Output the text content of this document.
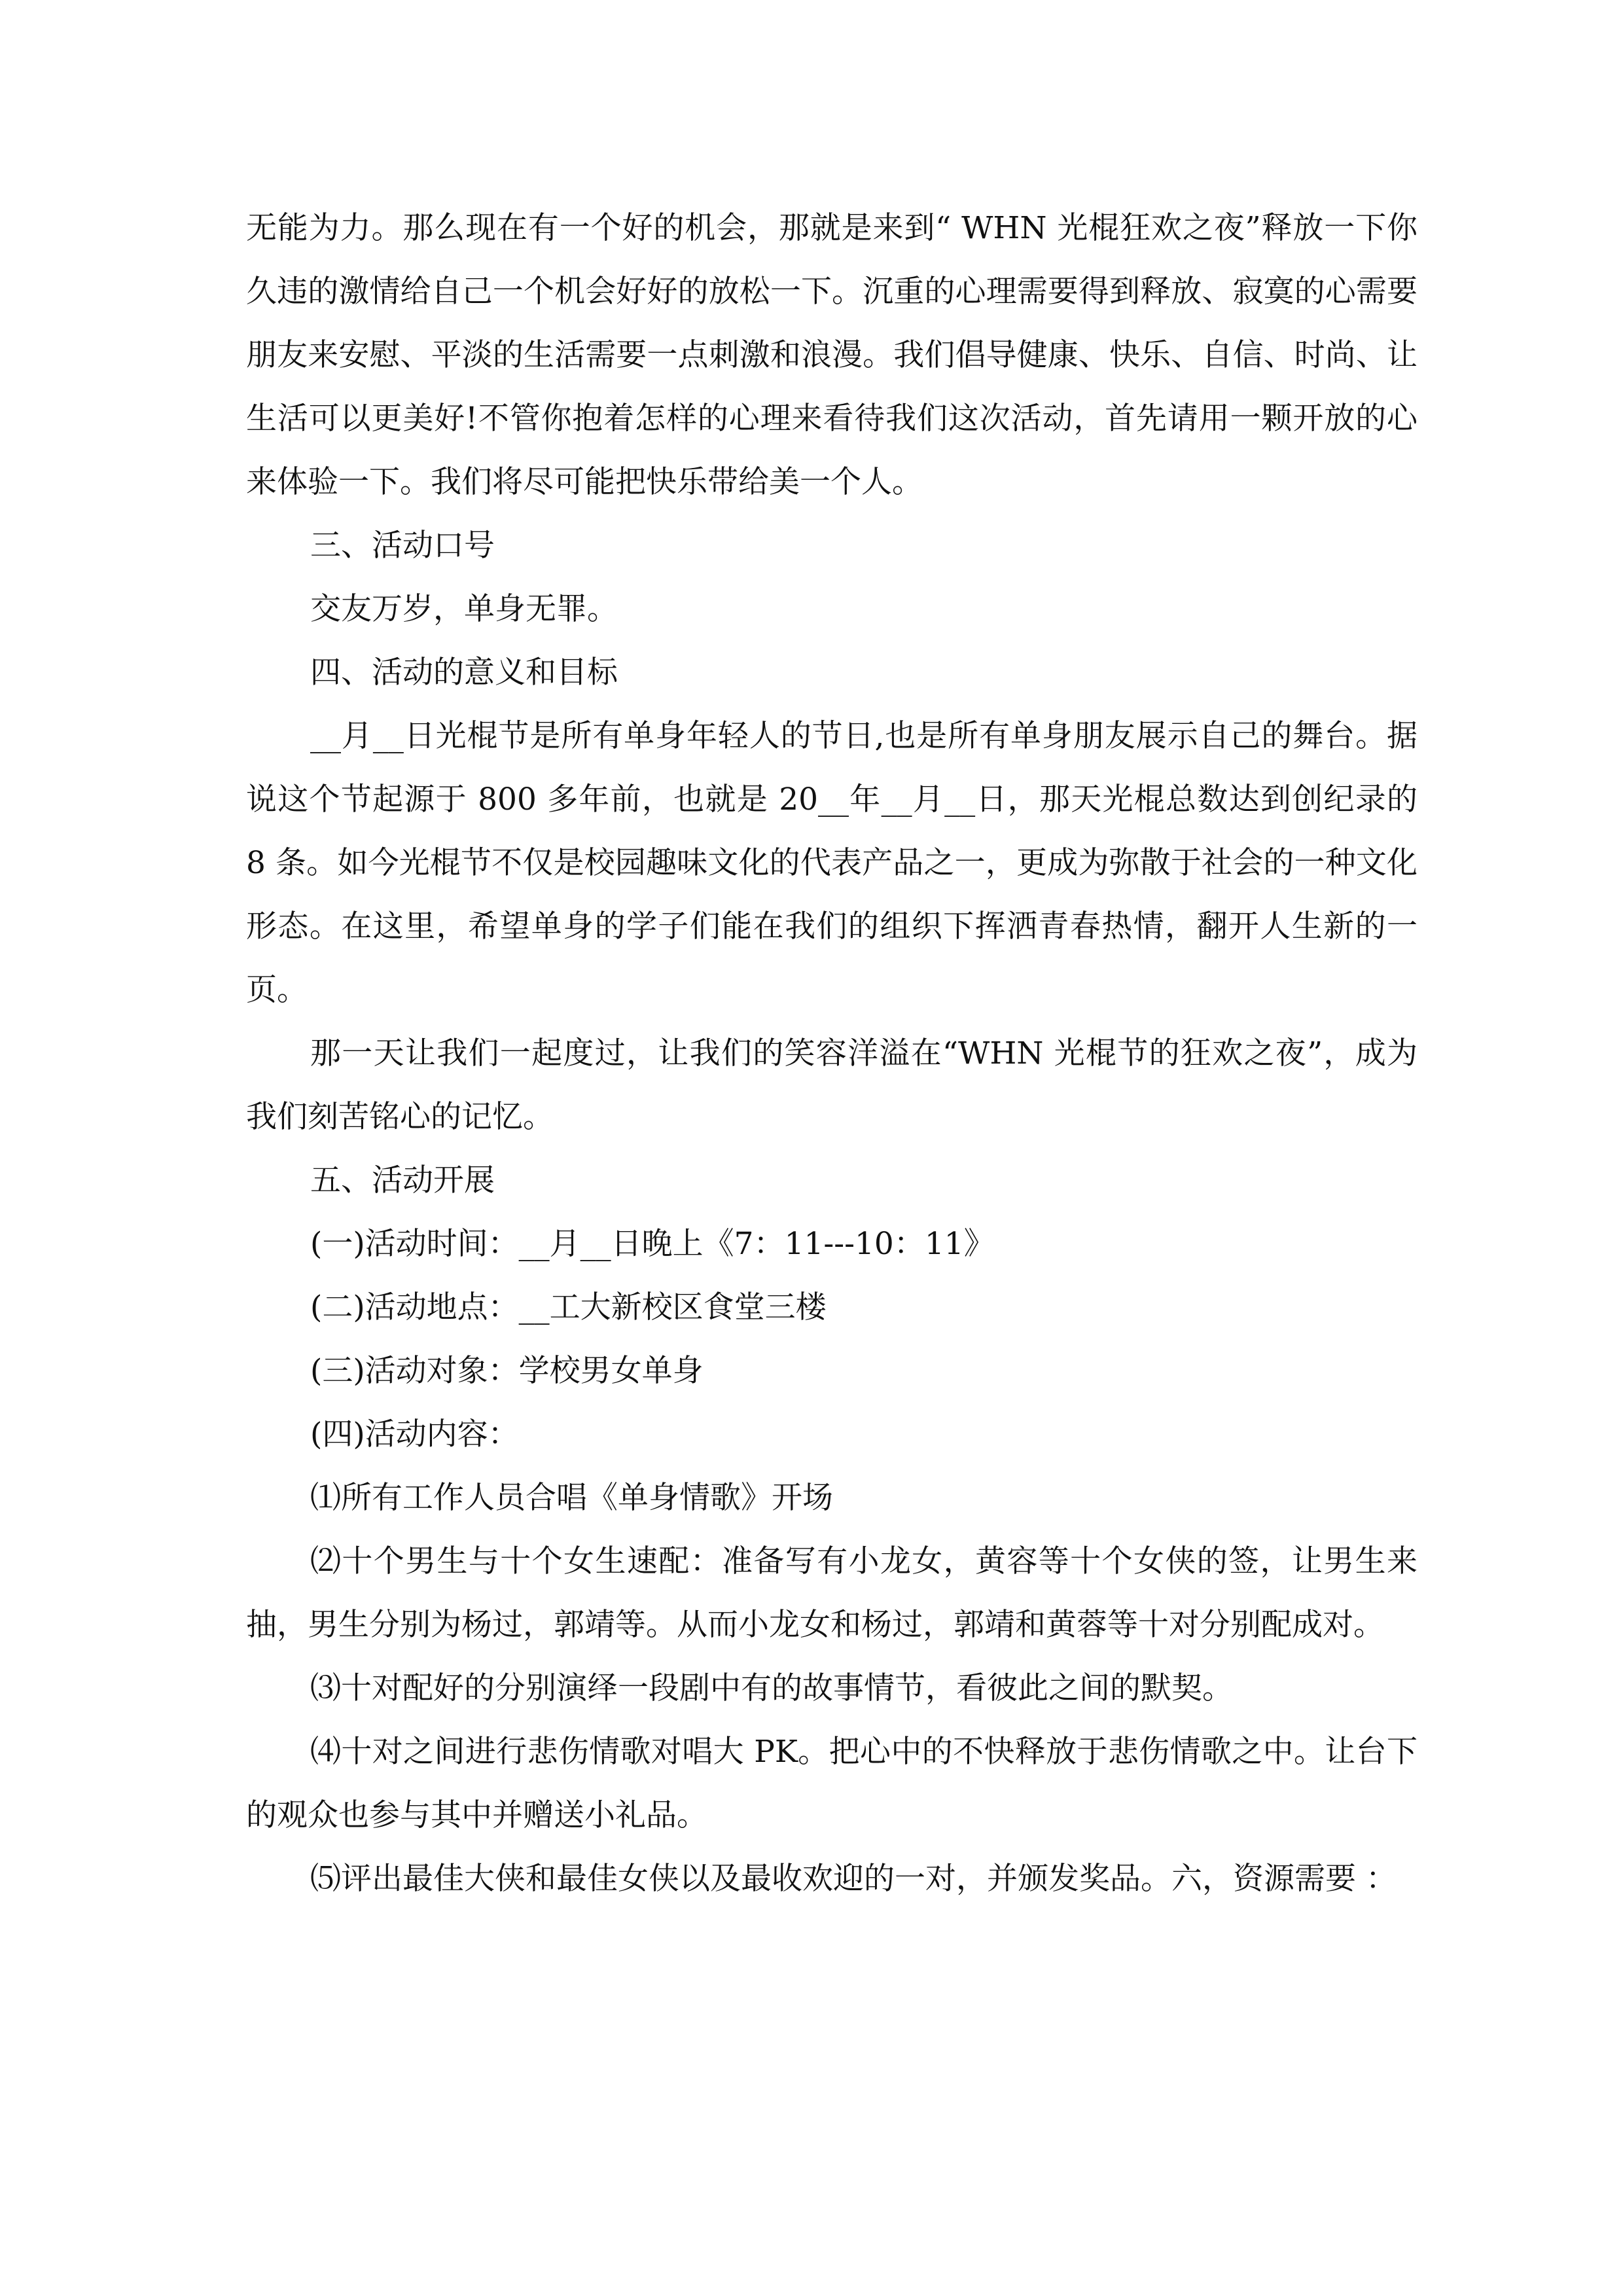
无能为力。那么现在有一个好的机会，那就是来到“ WHN 光棍狂欢之夜”释放一下你久违的激情给自己一个机会好好的放松一下。沉重的心理需要得到释放、寂寞的心需要朋友来安慰、平淡的生活需要一点刺激和浪漫。我们倡导健康、快乐、自信、时尚、让生活可以更美好!不管你抱着怎样的心理来看待我们这次活动，首先请用一颗开放的心来体验一下。我们将尽可能把快乐带给美一个人。

三、活动口号

交友万岁，单身无罪。

四、活动的意义和目标

__月__日光棍节是所有单身年轻人的节日,也是所有单身朋友展示自己的舞台。据说这个节起源于 800 多年前，也就是 20__年__月__日，那天光棍总数达到创纪录的 8 条。如今光棍节不仅是校园趣味文化的代表产品之一，更成为弥散于社会的一种文化形态。在这里，希望单身的学子们能在我们的组织下挥洒青春热情，翻开人生新的一页。

那一天让我们一起度过，让我们的笑容洋溢在“WHN 光棍节的狂欢之夜”，成为我们刻苦铭心的记忆。

五、活动开展

(一)活动时间：__月__日晚上《7：11---10：11》

(二)活动地点：__工大新校区食堂三楼

(三)活动对象：学校男女单身

(四)活动内容：

⑴所有工作人员合唱《单身情歌》开场

⑵十个男生与十个女生速配：准备写有小龙女，黄容等十个女侠的签，让男生来抽，男生分别为杨过，郭靖等。从而小龙女和杨过，郭靖和黄蓉等十对分别配成对。

⑶十对配好的分别演绎一段剧中有的故事情节，看彼此之间的默契。

⑷十对之间进行悲伤情歌对唱大 PK。把心中的不快释放于悲伤情歌之中。让台下的观众也参与其中并赠送小礼品。

⑸评出最佳大侠和最佳女侠以及最收欢迎的一对，并颁发奖品。六，资源需要 ：
